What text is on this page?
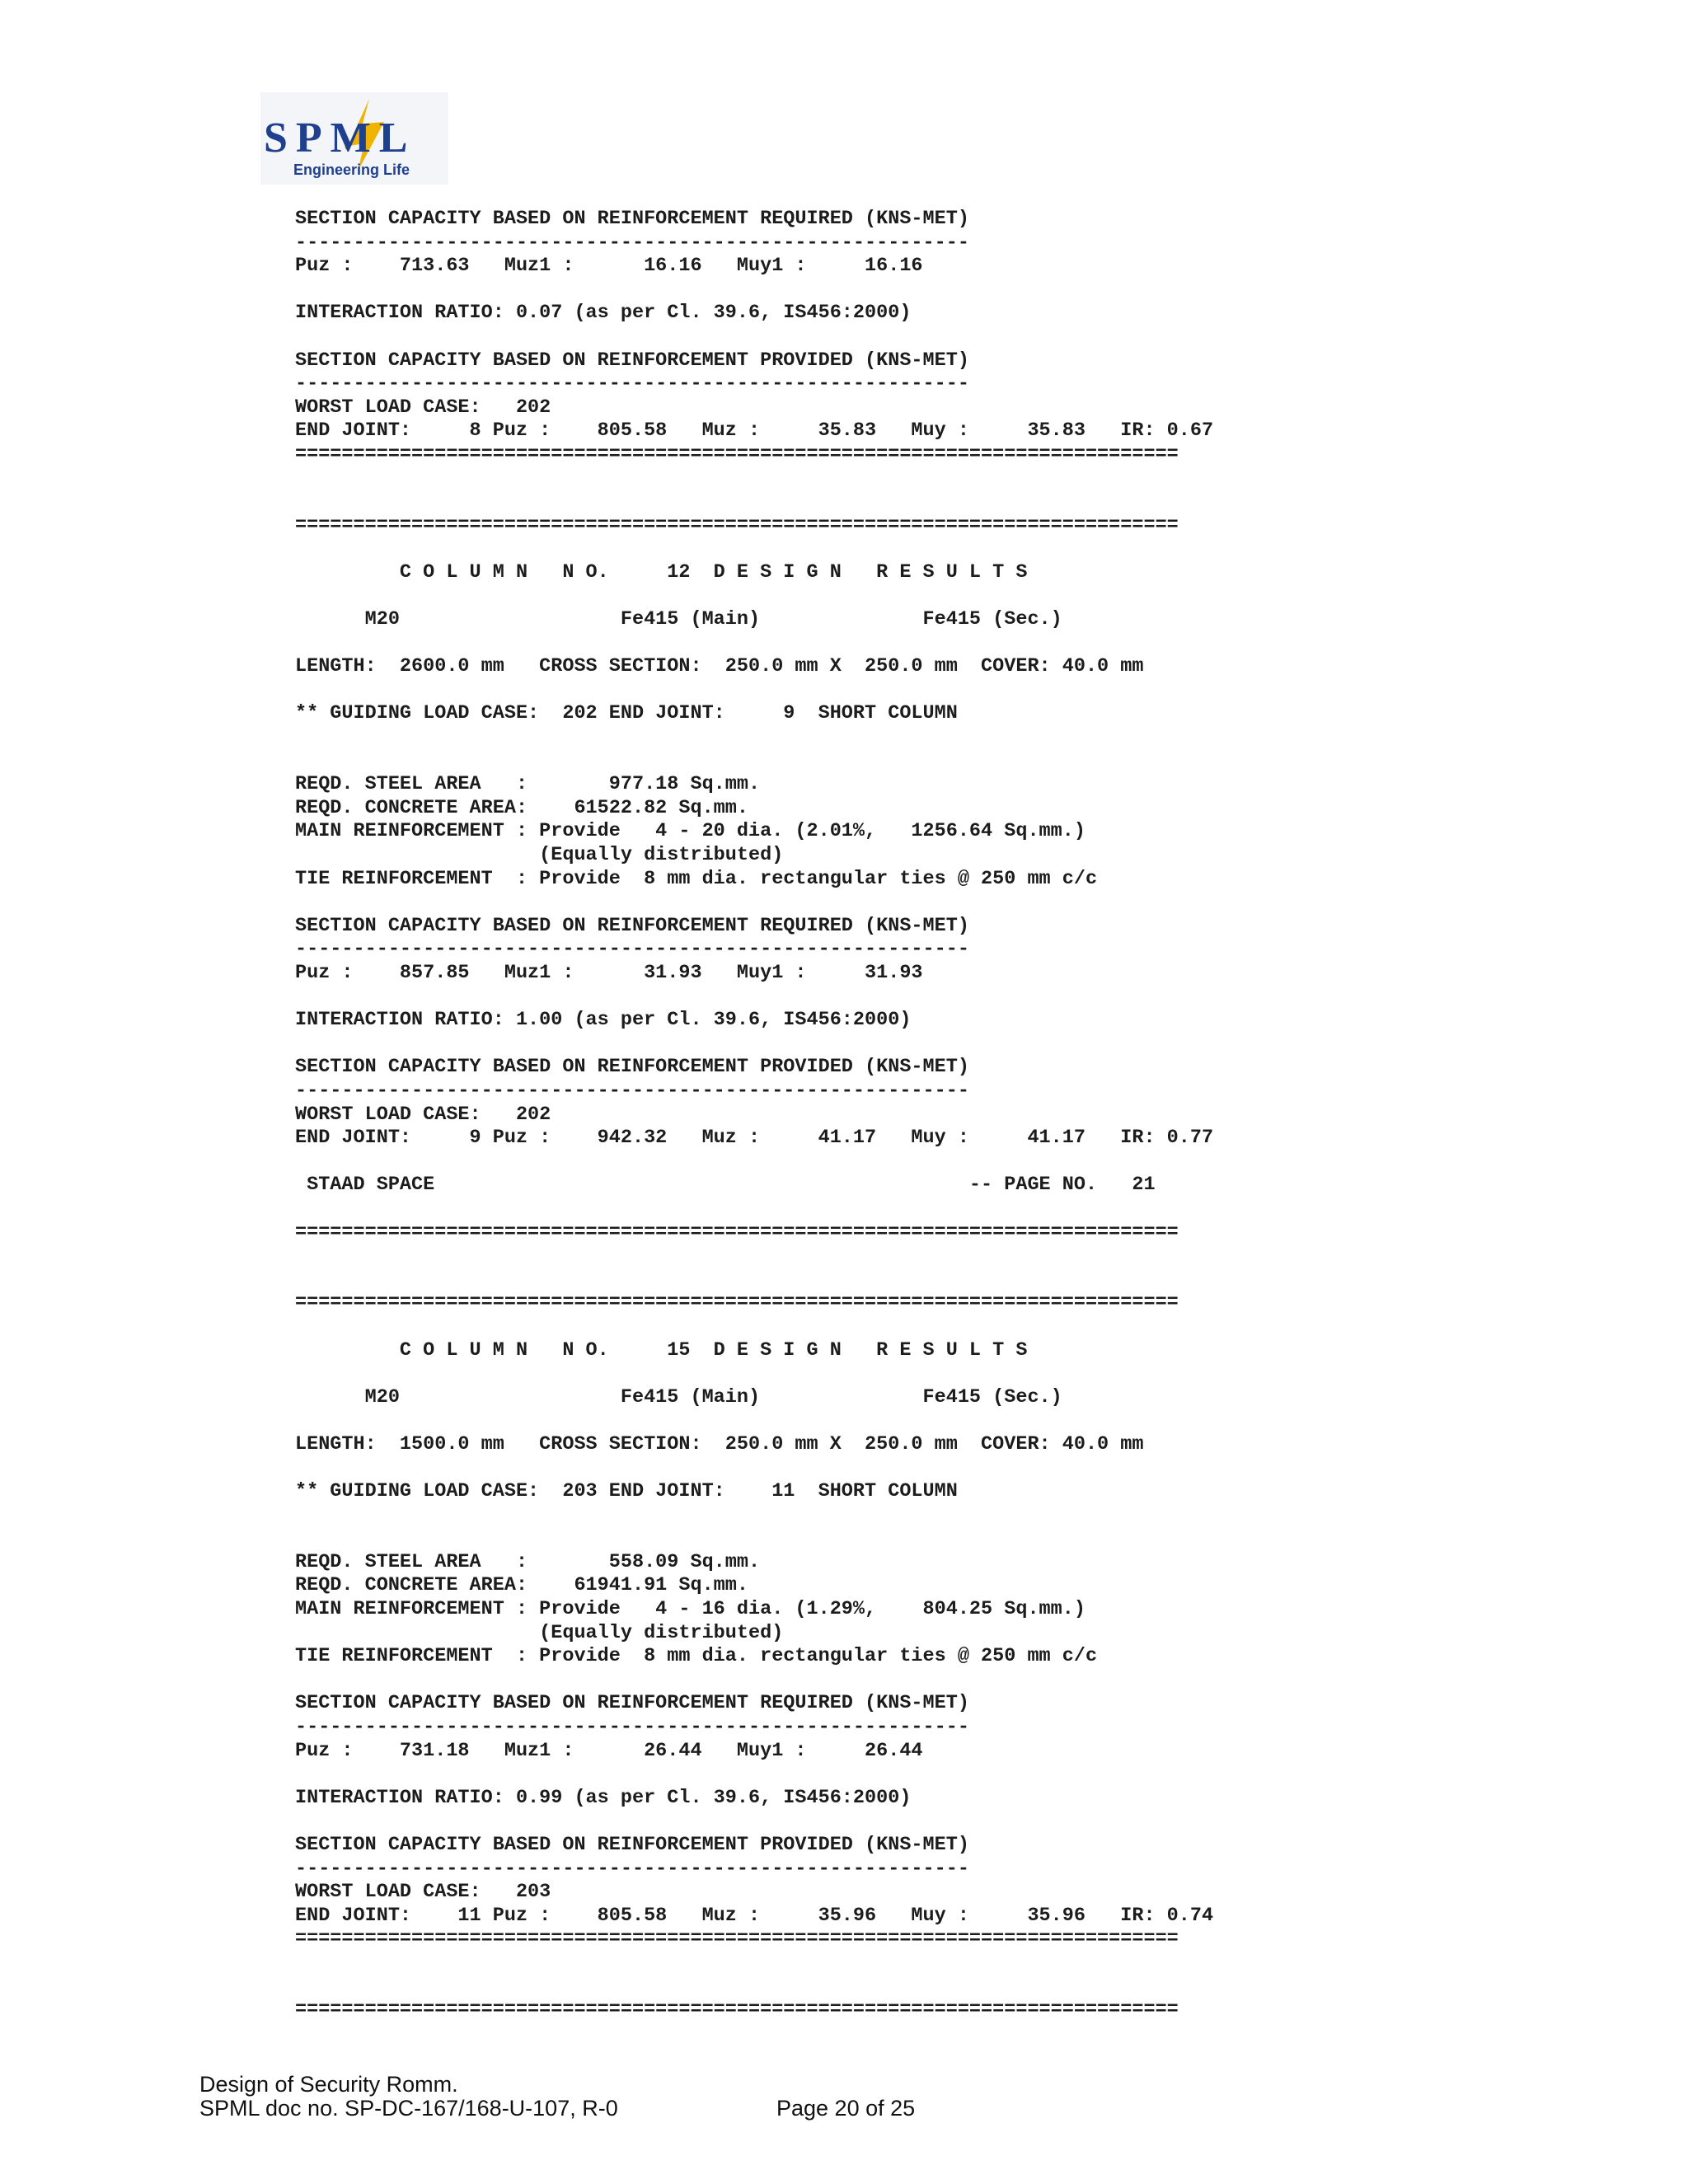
SPML
Engineering Life
SECTION CAPACITY BASED ON REINFORCEMENT REQUIRED (KNS-MET)
----------------------------------------------------------
Puz :    713.63   Muz1 :      16.16   Muy1 :     16.16
INTERACTION RATIO: 0.07 (as per Cl. 39.6, IS456:2000)
SECTION CAPACITY BASED ON REINFORCEMENT PROVIDED (KNS-MET)
----------------------------------------------------------
WORST LOAD CASE:   202
END JOINT:     8 Puz :    805.58   Muz :     35.83   Muy :     35.83   IR: 0.67
============================================================================
============================================================================
C O L U M N   N O.     12  D E S I G N   R E S U L T S
M20                   Fe415 (Main)              Fe415 (Sec.)
LENGTH:  2600.0 mm   CROSS SECTION:  250.0 mm X  250.0 mm  COVER: 40.0 mm
** GUIDING LOAD CASE:  202 END JOINT:     9  SHORT COLUMN
REQD. STEEL AREA   :       977.18 Sq.mm.
REQD. CONCRETE AREA:    61522.82 Sq.mm.
MAIN REINFORCEMENT : Provide   4 - 20 dia. (2.01%,   1256.64 Sq.mm.)
(Equally distributed)
TIE REINFORCEMENT  : Provide  8 mm dia. rectangular ties @ 250 mm c/c
SECTION CAPACITY BASED ON REINFORCEMENT REQUIRED (KNS-MET)
----------------------------------------------------------
Puz :    857.85   Muz1 :      31.93   Muy1 :     31.93
INTERACTION RATIO: 1.00 (as per Cl. 39.6, IS456:2000)
SECTION CAPACITY BASED ON REINFORCEMENT PROVIDED (KNS-MET)
----------------------------------------------------------
WORST LOAD CASE:   202
END JOINT:     9 Puz :    942.32   Muz :     41.17   Muy :     41.17   IR: 0.77
STAAD SPACE                                              -- PAGE NO.   21
============================================================================
============================================================================
C O L U M N   N O.     15  D E S I G N   R E S U L T S
M20                   Fe415 (Main)              Fe415 (Sec.)
LENGTH:  1500.0 mm   CROSS SECTION:  250.0 mm X  250.0 mm  COVER: 40.0 mm
** GUIDING LOAD CASE:  203 END JOINT:    11  SHORT COLUMN
REQD. STEEL AREA   :       558.09 Sq.mm.
REQD. CONCRETE AREA:    61941.91 Sq.mm.
MAIN REINFORCEMENT : Provide   4 - 16 dia. (1.29%,    804.25 Sq.mm.)
(Equally distributed)
TIE REINFORCEMENT  : Provide  8 mm dia. rectangular ties @ 250 mm c/c
SECTION CAPACITY BASED ON REINFORCEMENT REQUIRED (KNS-MET)
----------------------------------------------------------
Puz :    731.18   Muz1 :      26.44   Muy1 :     26.44
INTERACTION RATIO: 0.99 (as per Cl. 39.6, IS456:2000)
SECTION CAPACITY BASED ON REINFORCEMENT PROVIDED (KNS-MET)
----------------------------------------------------------
WORST LOAD CASE:   203
END JOINT:    11 Puz :    805.58   Muz :     35.96   Muy :     35.96   IR: 0.74
============================================================================
============================================================================
Design of Security Romm.
SPML doc no. SP-DC-167/168-U-107, R-0	Page 20 of 25
